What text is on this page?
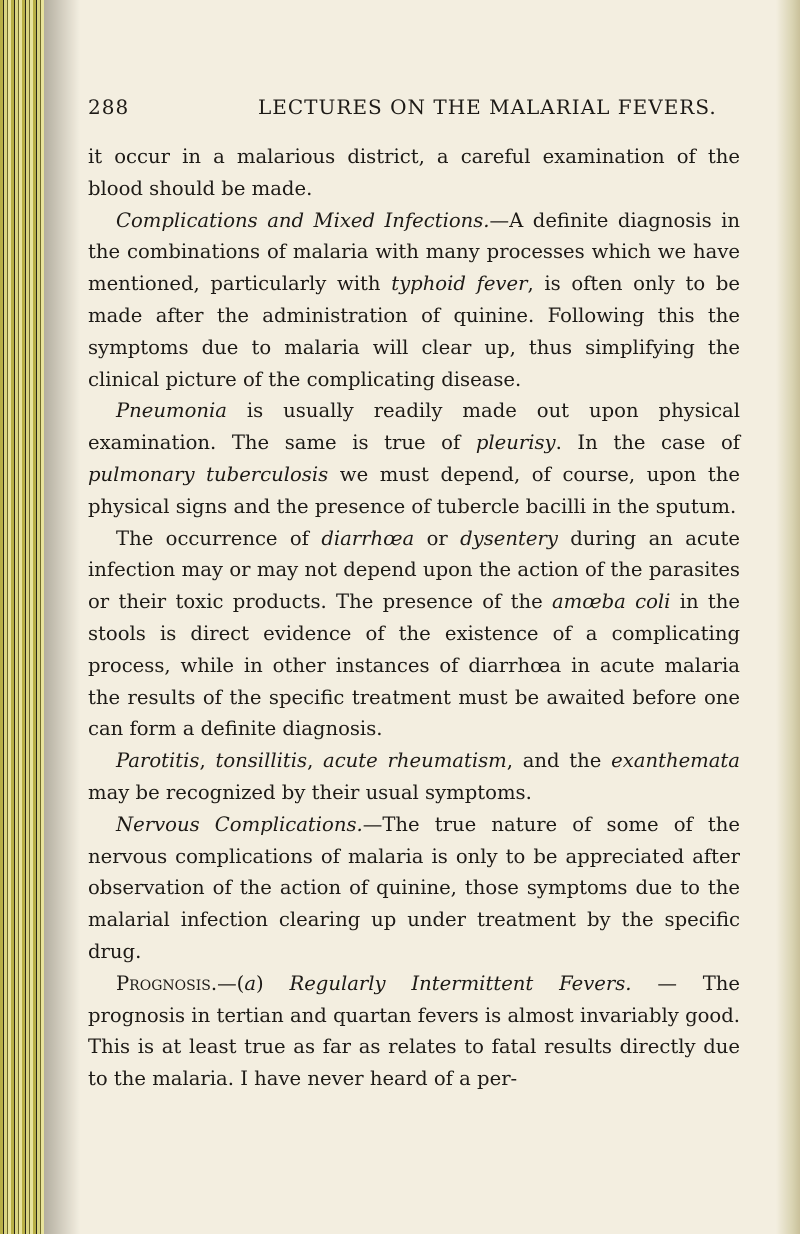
288	LECTURES ON THE MALARIAL FEVERS.

it occur in a malarious district, a careful examination of the blood should be made.

Complications and Mixed Infections.—A definite diagnosis in the combinations of malaria with many processes which we have mentioned, particularly with typhoid fever, is often only to be made after the administration of quinine. Following this the symptoms due to malaria will clear up, thus simplifying the clinical picture of the complicating disease.

Pneumonia is usually readily made out upon physical examination. The same is true of pleurisy. In the case of pulmonary tuberculosis we must depend, of course, upon the physical signs and the presence of tubercle bacilli in the sputum.

The occurrence of diarrhœa or dysentery during an acute infection may or may not depend upon the action of the parasites or their toxic products. The presence of the amœba coli in the stools is direct evidence of the existence of a complicating process, while in other instances of diarrhœa in acute malaria the results of the specific treatment must be awaited before one can form a definite diagnosis.

Parotitis, tonsillitis, acute rheumatism, and the exanthemata may be recognized by their usual symptoms.

Nervous Complications.—The true nature of some of the nervous complications of malaria is only to be appreciated after observation of the action of quinine, those symptoms due to the malarial infection clearing up under treatment by the specific drug.

Prognosis.—(a) Regularly Intermittent Fevers. — The prognosis in tertian and quartan fevers is almost invariably good. This is at least true as far as relates to fatal results directly due to the malaria. I have never heard of a per-
